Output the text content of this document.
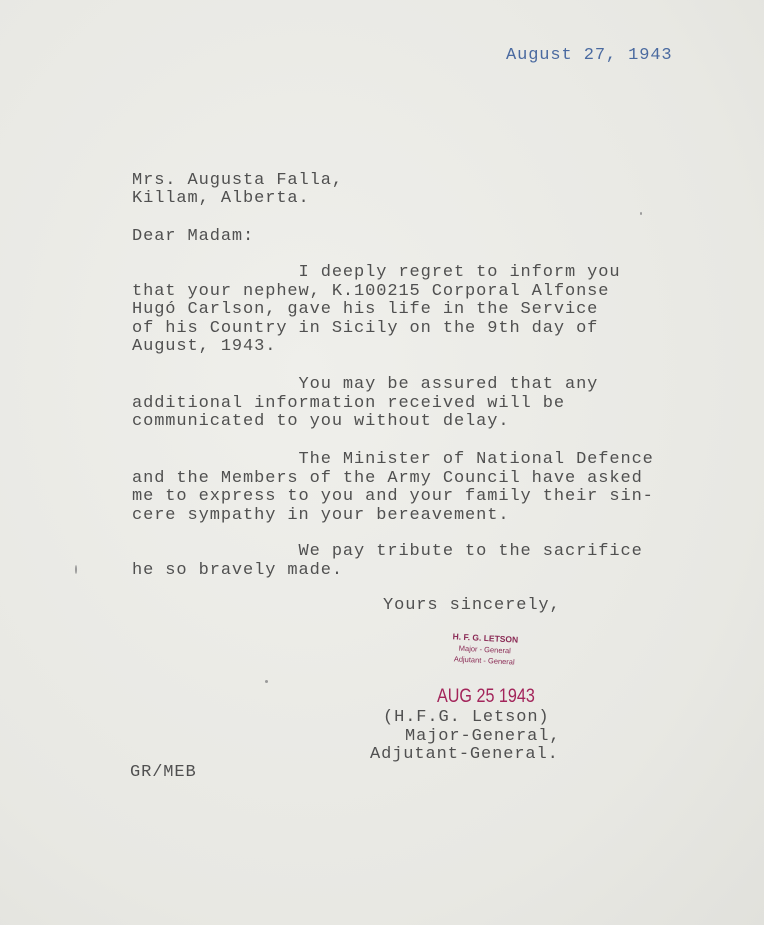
August 27, 1943

Mrs. Augusta Falla,

Killam, Alberta.

Dear Madam:

I deeply regret to inform you

that your nephew, K.100215 Corporal Alfonse

Hugó Carlson, gave his life in the Service

of his Country in Sicily on the 9th day of

August, 1943.

You may be assured that any

additional information received will be

communicated to you without delay.

The Minister of National Defence

and the Members of the Army Council have asked

me to express to you and your family their sin-

cere sympathy in your bereavement.

We pay tribute to the sacrifice

he so bravely made.

Yours sincerely,

H. F. G. LETSON
Major - General
Adjutant - General
AUG 25 1943

(H.F.G. Letson)

Major-General,

Adjutant-General.

GR/MEB
